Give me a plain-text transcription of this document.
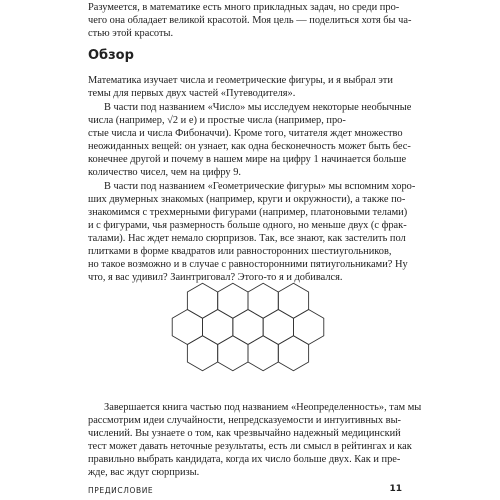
Разумеется, в математике есть много прикладных задач, но среди про-
чего она обладает великой красотой. Моя цель — поделиться хотя бы ча-
стью этой красоты.
Обзор
Математика изучает числа и геометрические фигуры, и я выбрал эти
темы для первых двух частей «Путеводителя».
В части под названием «Число» мы исследуем некоторые необычные
числа (например, √2 и e) и простые числа (например, про-
стые числа и числа Фибоначчи). Кроме того, читателя ждет множество
неожиданных вещей: он узнает, как одна бесконечность может быть бес-
конечнее другой и почему в нашем мире на цифру 1 начинается больше
количество чисел, чем на цифру 9.
В части под названием «Геометрические фигуры» мы вспомним хоро-
ших двумерных знакомых (например, круги и окружности), а также по-
знакомимся с трехмерными фигурами (например, платоновыми телами)
и с фигурами, чья размерность больше одного, но меньше двух (с фрак-
талами). Нас ждет немало сюрпризов. Так, все знают, как застелить пол
плитками в форме квадратов или равносторонних шестиугольников,
но такое возможно и в случае с равносторонними пятиугольниками? Ну
что, я вас удивил? Заинтриговал? Этого-то я и добивался.
Завершается книга частью под названием «Неопределенность», там мы
рассмотрим идеи случайности, непредсказуемости и интуитивных вы-
числений. Вы узнаете о том, как чрезвычайно надежный медицинский
тест может давать неточные результаты, есть ли смысл в рейтингах и как
правильно выбрать кандидата, когда их число больше двух. Как и пре-
жде, вас ждут сюрпризы.
ПРЕДИСЛОВИЕ	11
